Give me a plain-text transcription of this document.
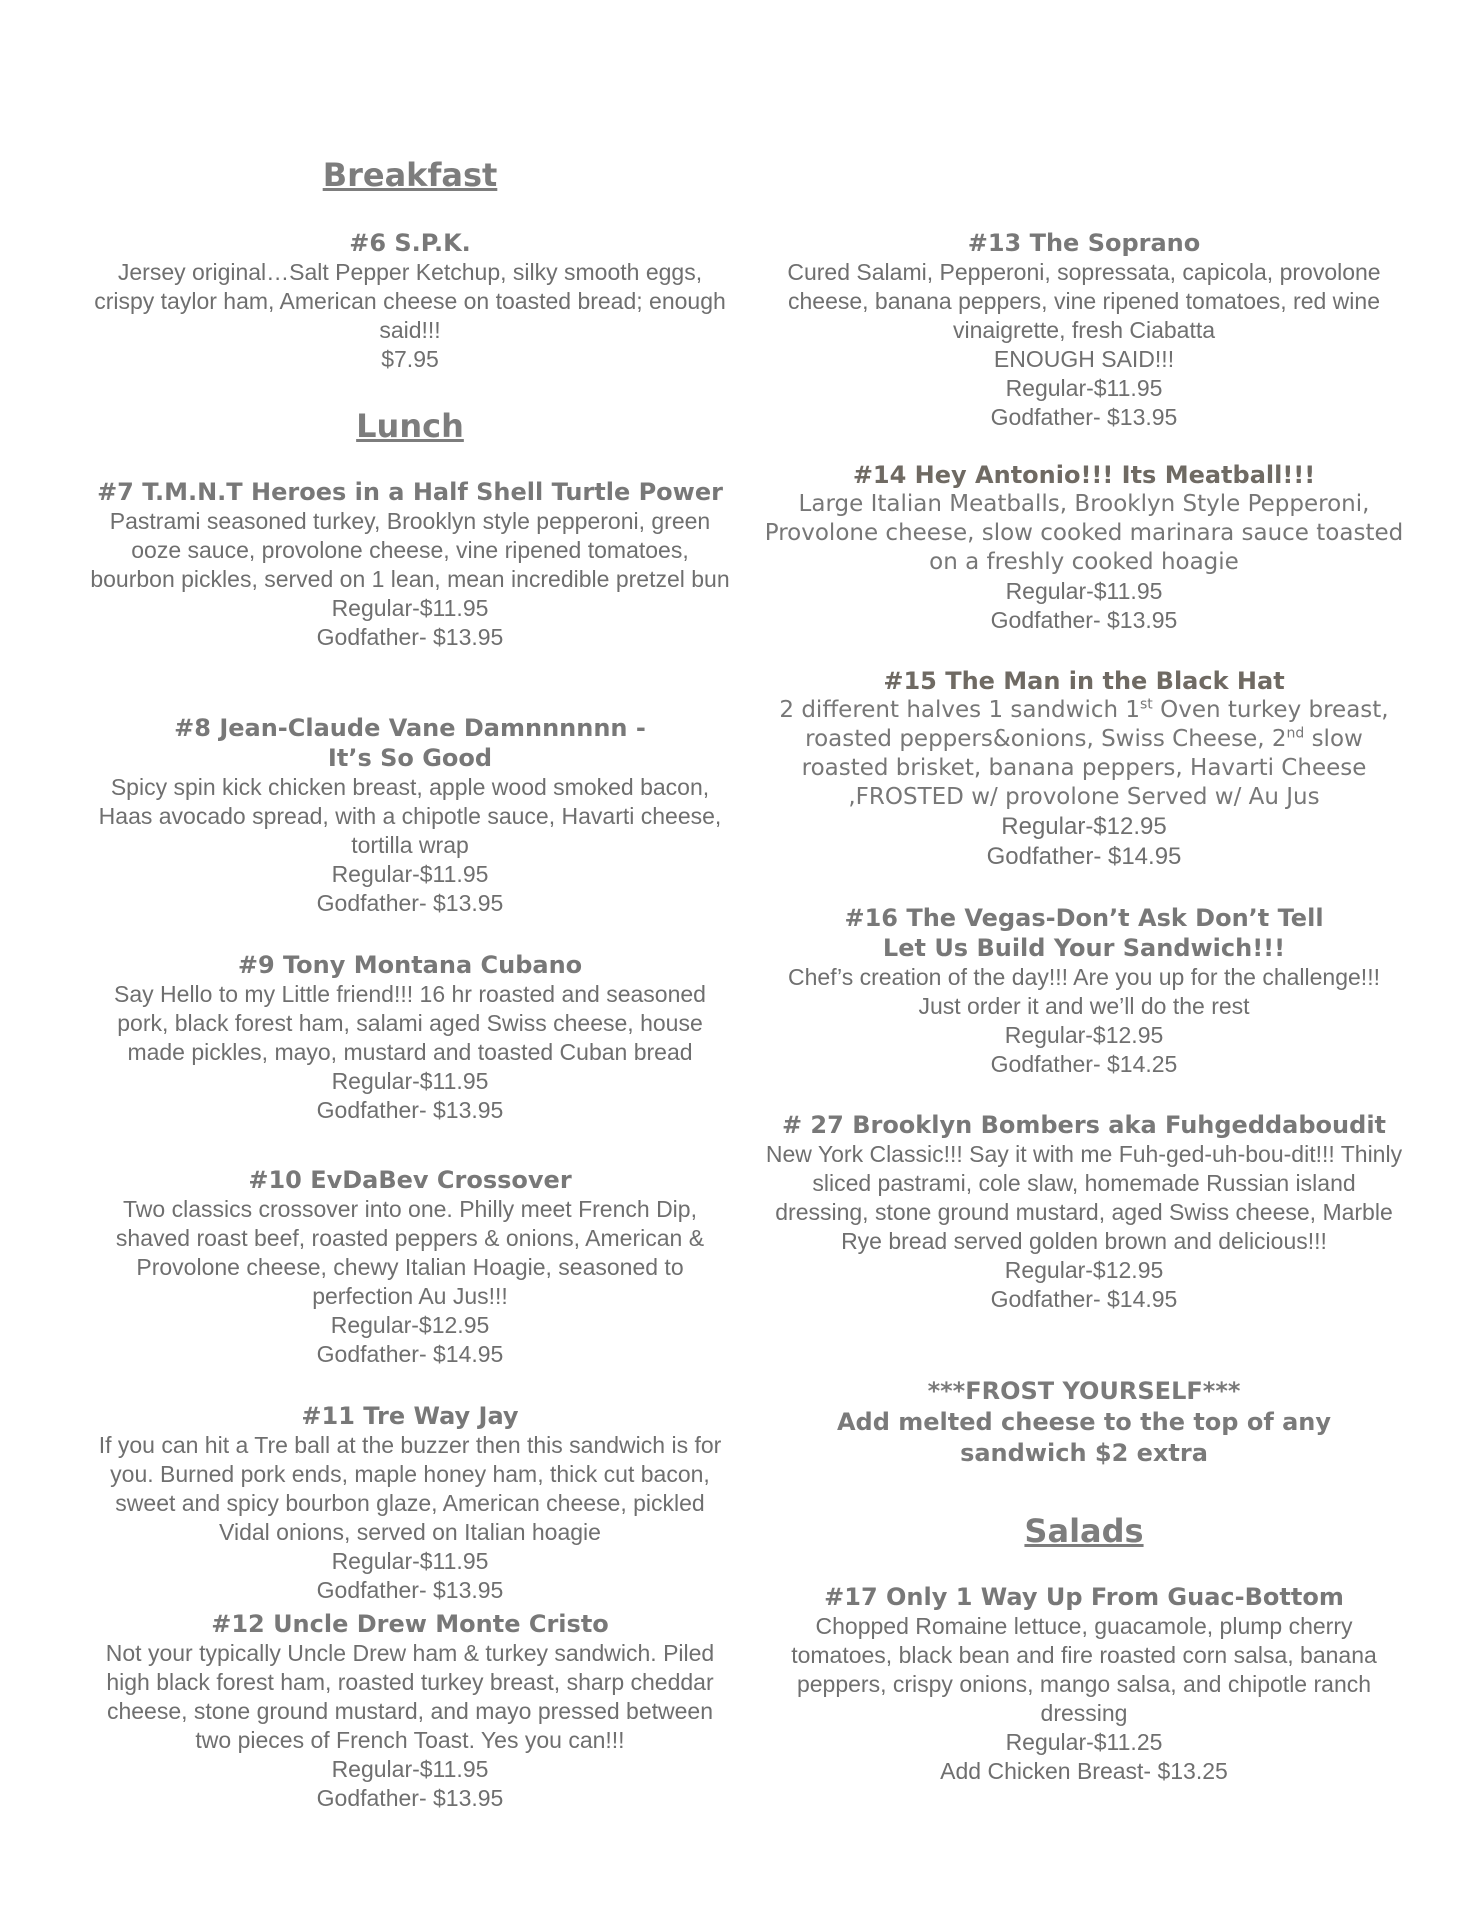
Breakfast
#6 S.P.K.
Jersey original…Salt Pepper Ketchup, silky smooth eggs, crispy taylor ham, American cheese on toasted bread; enough said!!!
$7.95
Lunch
#7 T.M.N.T Heroes in a Half Shell Turtle Power
Pastrami seasoned turkey, Brooklyn style pepperoni, green ooze sauce, provolone cheese, vine ripened tomatoes, bourbon pickles, served on 1 lean, mean incredible pretzel bun
Regular-$11.95
Godfather- $13.95
#8 Jean-Claude Vane Damnnnnnn -
It’s So Good
Spicy spin kick chicken breast, apple wood smoked bacon, Haas avocado spread, with a chipotle sauce, Havarti cheese, tortilla wrap
Regular-$11.95
Godfather- $13.95
#9 Tony Montana Cubano
Say Hello to my Little friend!!! 16 hr roasted and seasoned pork, black forest ham, salami aged Swiss cheese, house made pickles, mayo, mustard and toasted Cuban bread
Regular-$11.95
Godfather- $13.95
#10 EvDaBev Crossover
Two classics crossover into one. Philly meet French Dip, shaved roast beef, roasted peppers & onions, American & Provolone cheese, chewy Italian Hoagie, seasoned to perfection Au Jus!!!
Regular-$12.95
Godfather- $14.95
#11 Tre Way Jay
If you can hit a Tre ball at the buzzer then this sandwich is for you. Burned pork ends, maple honey ham, thick cut bacon, sweet and spicy bourbon glaze, American cheese, pickled Vidal onions, served on Italian hoagie
Regular-$11.95
Godfather- $13.95
#12 Uncle Drew Monte Cristo
Not your typically Uncle Drew ham & turkey sandwich. Piled high black forest ham, roasted turkey breast, sharp cheddar cheese, stone ground mustard, and mayo pressed between two pieces of French Toast. Yes you can!!!
Regular-$11.95
Godfather- $13.95
#13 The Soprano
Cured Salami, Pepperoni, sopressata, capicola, provolone cheese, banana peppers, vine ripened tomatoes, red wine vinaigrette, fresh Ciabatta
ENOUGH SAID!!!
Regular-$11.95
Godfather- $13.95
#14 Hey Antonio!!! Its Meatball!!!
Large Italian Meatballs, Brooklyn Style Pepperoni, Provolone cheese, slow cooked marinara sauce toasted on a freshly cooked hoagie
Regular-$11.95
Godfather- $13.95
#15 The Man in the Black Hat
2 different halves 1 sandwich 1st Oven turkey breast, roasted peppers&onions, Swiss Cheese, 2nd slow roasted brisket, banana peppers, Havarti Cheese ,FROSTED w/ provolone Served w/ Au Jus
Regular-$12.95
Godfather- $14.95
#16 The Vegas-Don’t Ask Don’t Tell
Let Us Build Your Sandwich!!!
Chef’s creation of the day!!! Are you up for the challenge!!! Just order it and we’ll do the rest
Regular-$12.95
Godfather- $14.25
# 27 Brooklyn Bombers aka Fuhgeddaboudit
New York Classic!!! Say it with me Fuh-ged-uh-bou-dit!!! Thinly sliced pastrami, cole slaw, homemade Russian island dressing, stone ground mustard, aged Swiss cheese, Marble Rye bread served golden brown and delicious!!!
Regular-$12.95
Godfather- $14.95
***FROST YOURSELF***
Add melted cheese to the top of any sandwich $2 extra
Salads
#17 Only 1 Way Up From Guac-Bottom
Chopped Romaine lettuce, guacamole, plump cherry tomatoes, black bean and fire roasted corn salsa, banana peppers, crispy onions, mango salsa, and chipotle ranch dressing
Regular-$11.25
Add Chicken Breast- $13.25
